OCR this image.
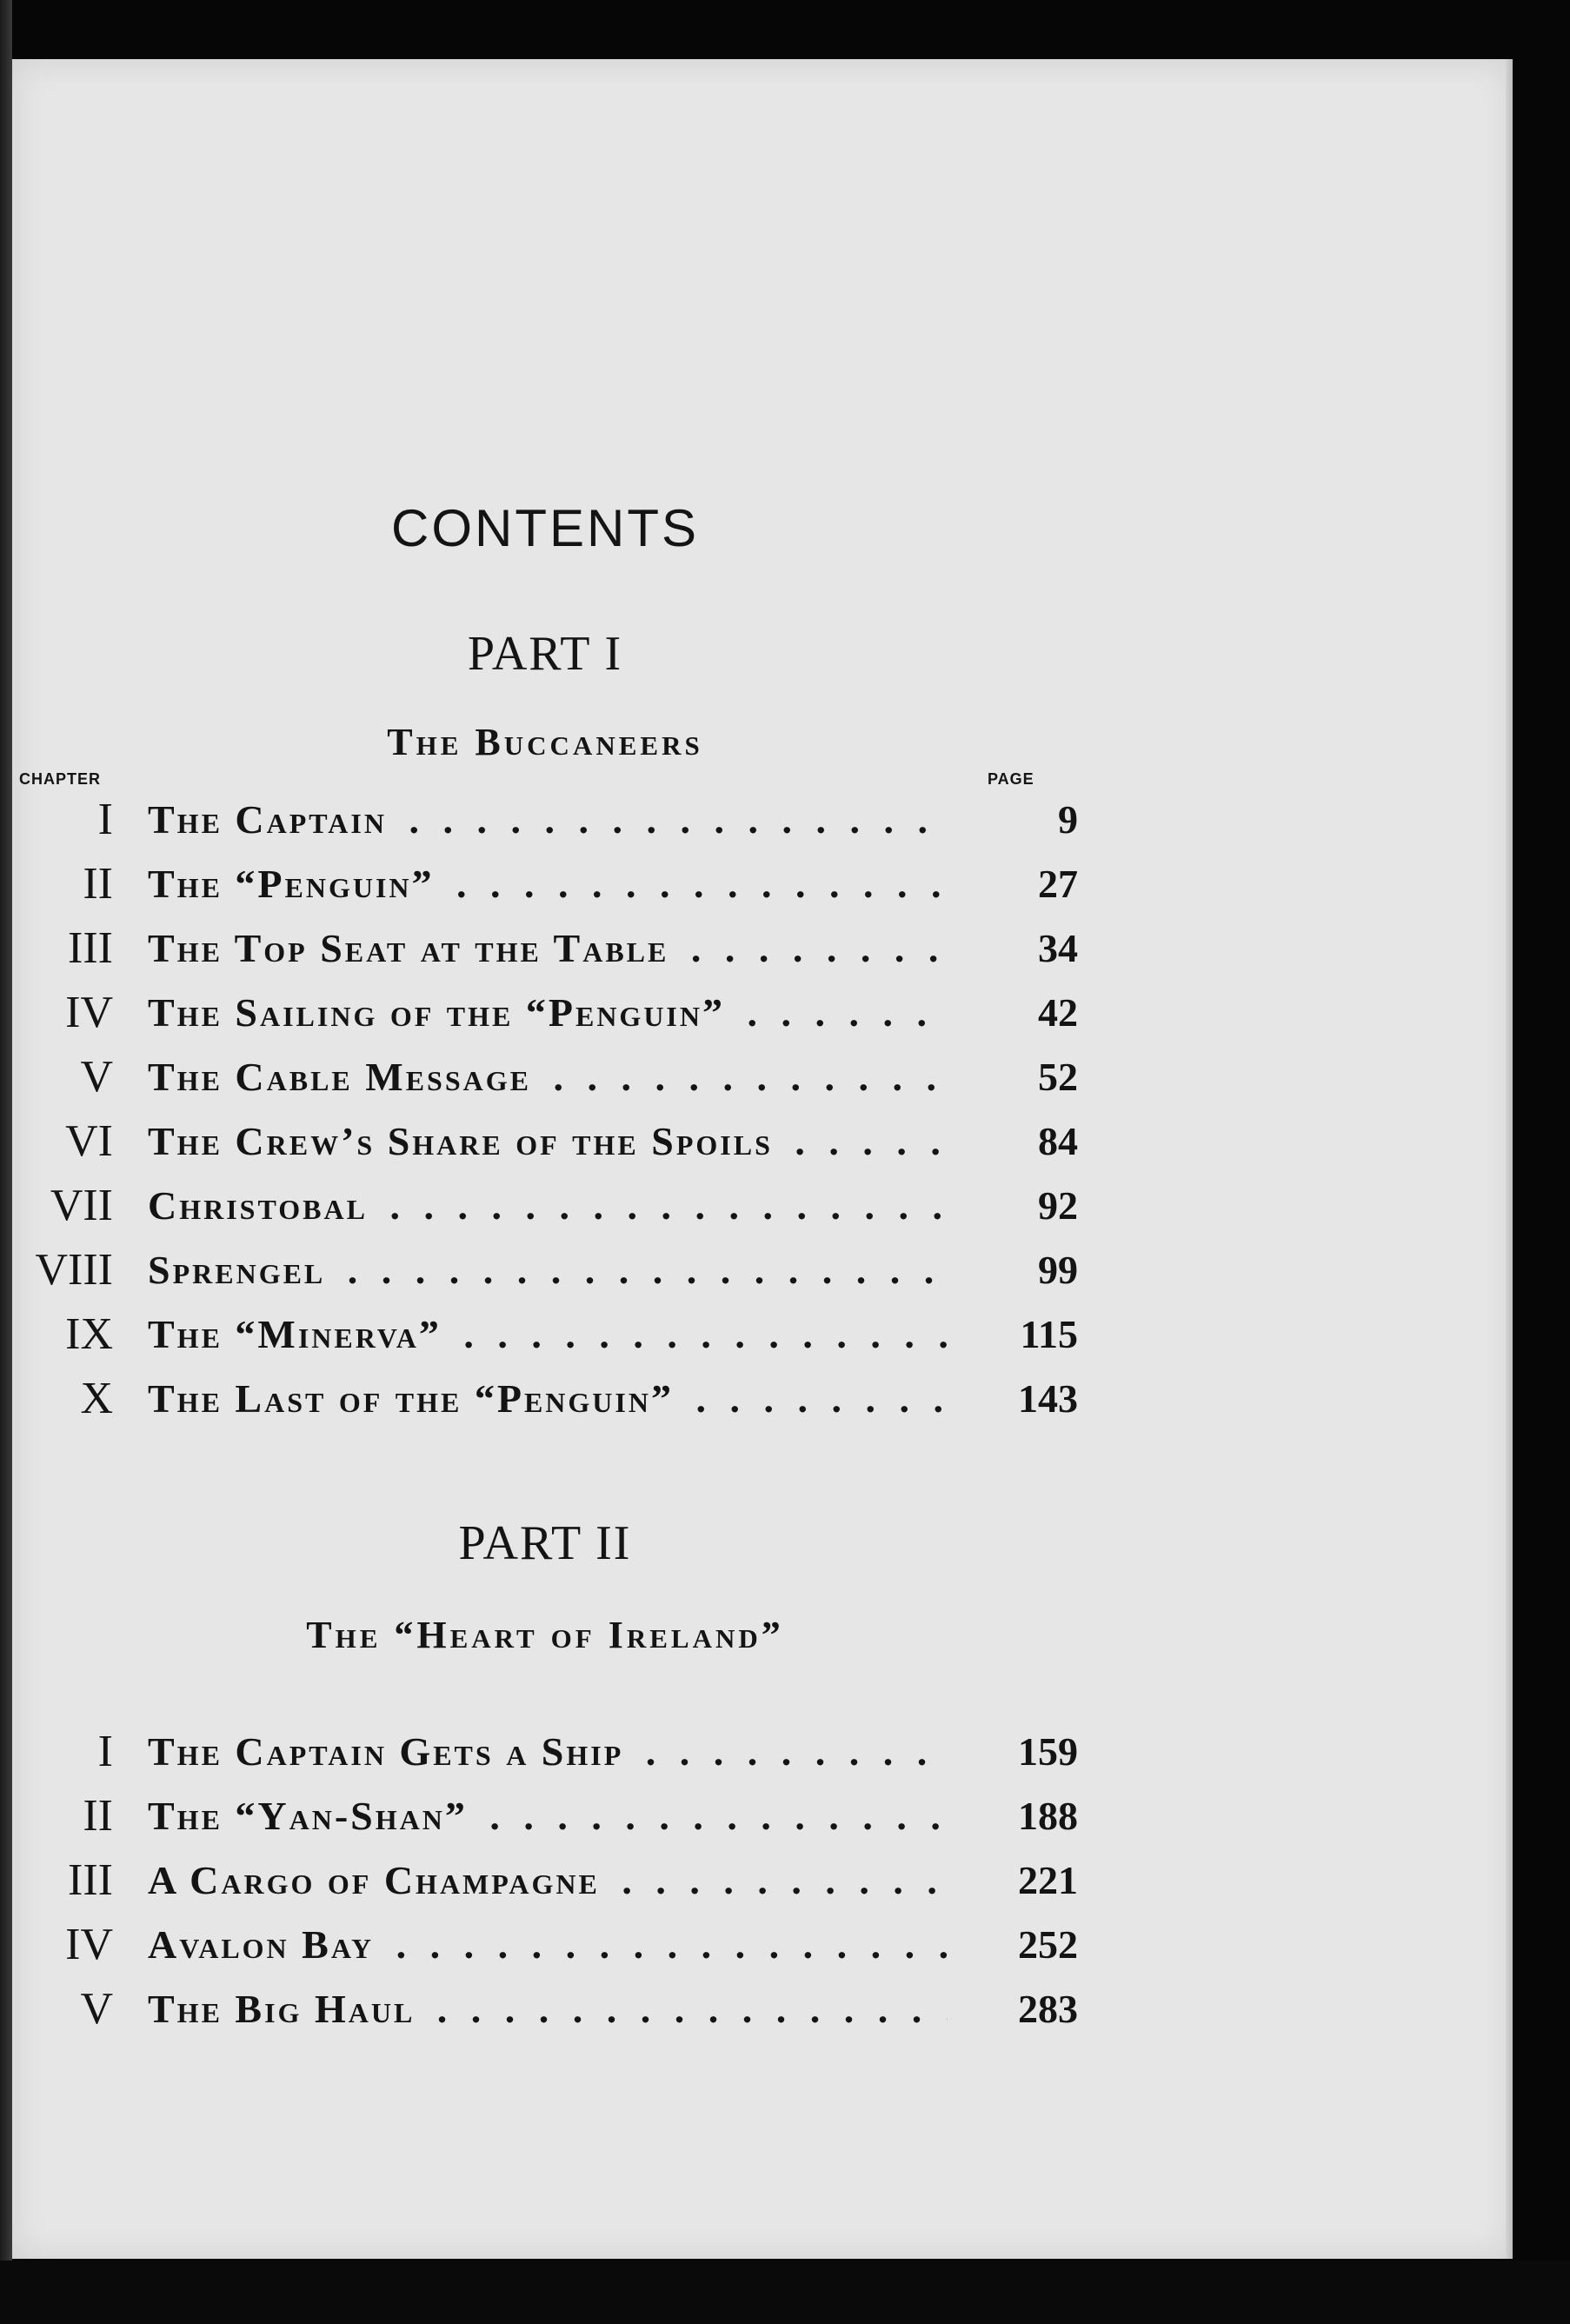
CONTENTS
PART I
The Buccaneers
CHAPTER	PAGE
I The Captain . .	9
II The “Penguin” . .	27
III The Top Seat at the Table . .	34
IV The Sailing of the “Penguin” . .	42
V The Cable Message . .	52
VI The Crew’s Share of the Spoils . .	84
VII Christobal . .	92
VIII Sprengel . .	99
IX The “Minerva” . .	115
X The Last of the “Penguin” . .	143
PART II
The “Heart of Ireland”
I The Captain Gets a Ship . .	159
II The “Yan-Shan” . .	188
III A Cargo of Champagne . .	221
IV Avalon Bay . .	252
V The Big Haul . .	283
